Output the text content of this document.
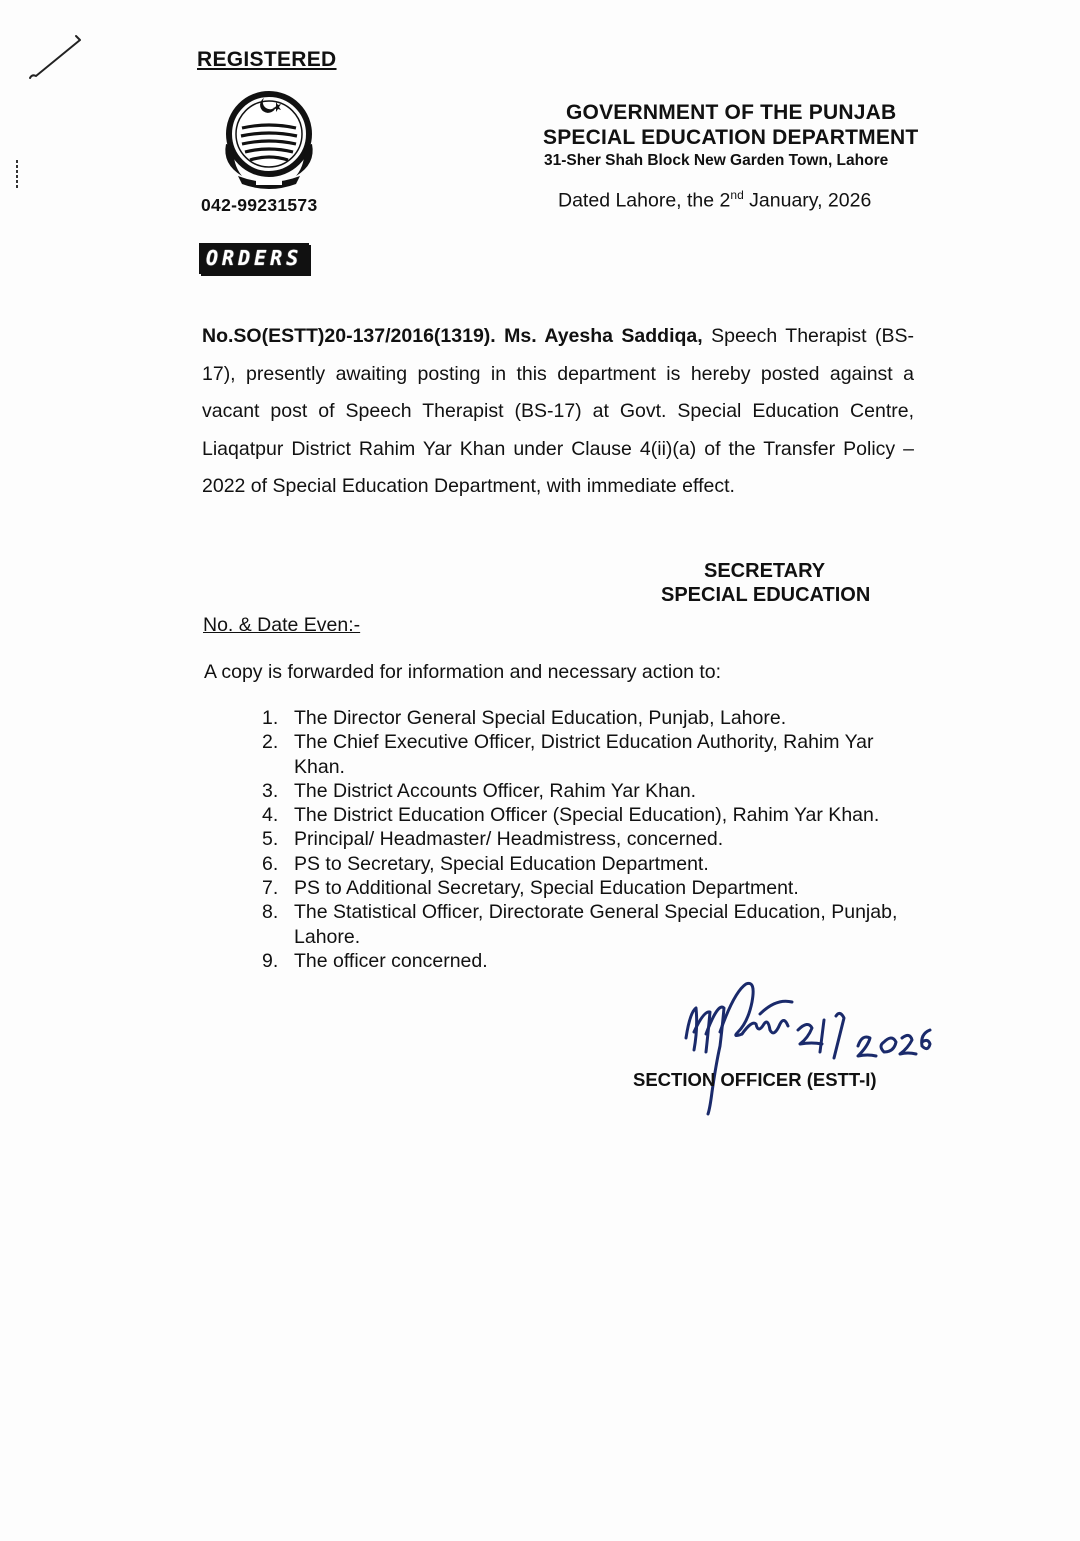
REGISTERED
042-99231573
GOVERNMENT OF THE PUNJAB
SPECIAL EDUCATION DEPARTMENT
31-Sher Shah Block New Garden Town, Lahore
Dated Lahore, the 2nd January, 2026
ORDERS
No.SO(ESTT)20-137/2016(1319). Ms. Ayesha Saddiqa, Speech Therapist (BS-17), presently awaiting posting in this department is hereby posted against a vacant post of Speech Therapist (BS-17) at Govt. Special Education Centre, Liaqatpur District Rahim Yar Khan under Clause 4(ii)(a) of the Transfer Policy – 2022 of Special Education Department, with immediate effect.
SECRETARY
SPECIAL EDUCATION
No. & Date Even:-
A copy is forwarded for information and necessary action to:
1. The Director General Special Education, Punjab, Lahore.
2. The Chief Executive Officer, District Education Authority, Rahim Yar Khan.
3. The District Accounts Officer, Rahim Yar Khan.
4. The District Education Officer (Special Education), Rahim Yar Khan.
5. Principal/ Headmaster/ Headmistress, concerned.
6. PS to Secretary, Special Education Department.
7. PS to Additional Secretary, Special Education Department.
8. The Statistical Officer, Directorate General Special Education, Punjab, Lahore.
9. The officer concerned.
SECTION OFFICER (ESTT-I)
